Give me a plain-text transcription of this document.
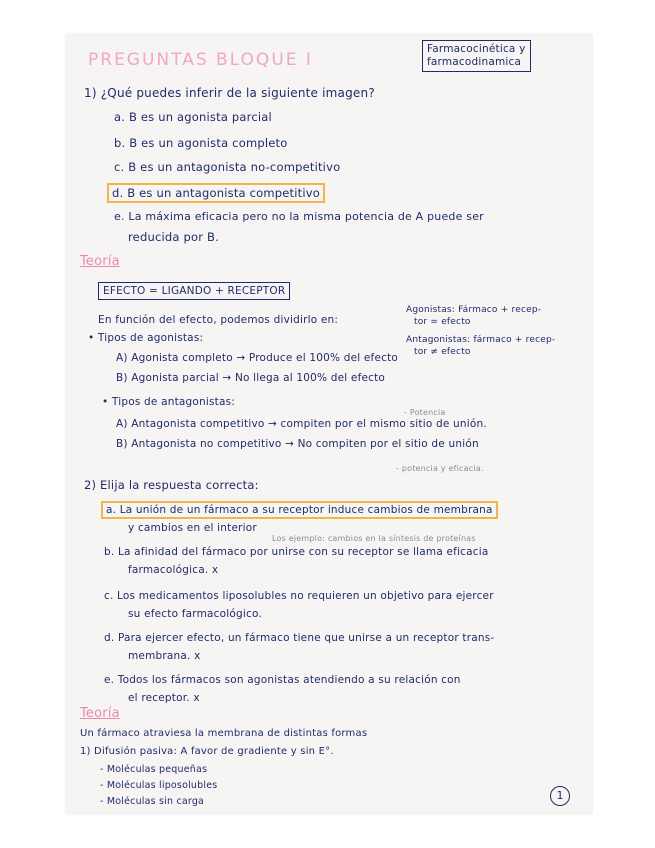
PREGUNTAS BLOQUE I
Farmacocinética y
farmacodinamica
1) ¿Qué puedes inferir de la siguiente imagen?
a. B es un agonista parcial
b. B es un agonista completo
c. B es un antagonista no-competitivo
d. B es un antagonista competitivo
e. La máxima eficacia pero no la misma potencia de A puede ser
reducida por B.
Teoría
EFECTO = LIGANDO + RECEPTOR
En función del efecto, podemos dividirlo en:
Agonistas: Fármaco + recep-
tor = efecto
Antagonistas: fármaco + recep-
tor ≠ efecto
• Tipos de agonistas:
A) Agonista completo → Produce el 100% del efecto
B) Agonista parcial → No llega al 100% del efecto
• Tipos de antagonistas:
- Potencia
A) Antagonista competitivo → compiten por el mismo sitio de unión.
B) Antagonista no competitivo → No compiten por el sitio de unión
- potencia y eficacia.
2) Elija la respuesta correcta:
a. La unión de un fármaco a su receptor induce cambios de membrana
y cambios en el interior
Los ejemplo: cambios en la síntesis de proteínas
b. La afinidad del fármaco por unirse con su receptor se llama eficacia
farmacológica. x
c. Los medicamentos liposolubles no requieren un objetivo para ejercer
su efecto farmacológico.
d. Para ejercer efecto, un fármaco tiene que unirse a un receptor trans-
membrana. x
e. Todos los fármacos son agonistas atendiendo a su relación con
el receptor. x
Teoría
Un fármaco atraviesa la membrana de distintas formas
1) Difusión pasiva: A favor de gradiente y sin E°.
- Moléculas pequeñas
- Moléculas liposolubles
- Moléculas sin carga	1
